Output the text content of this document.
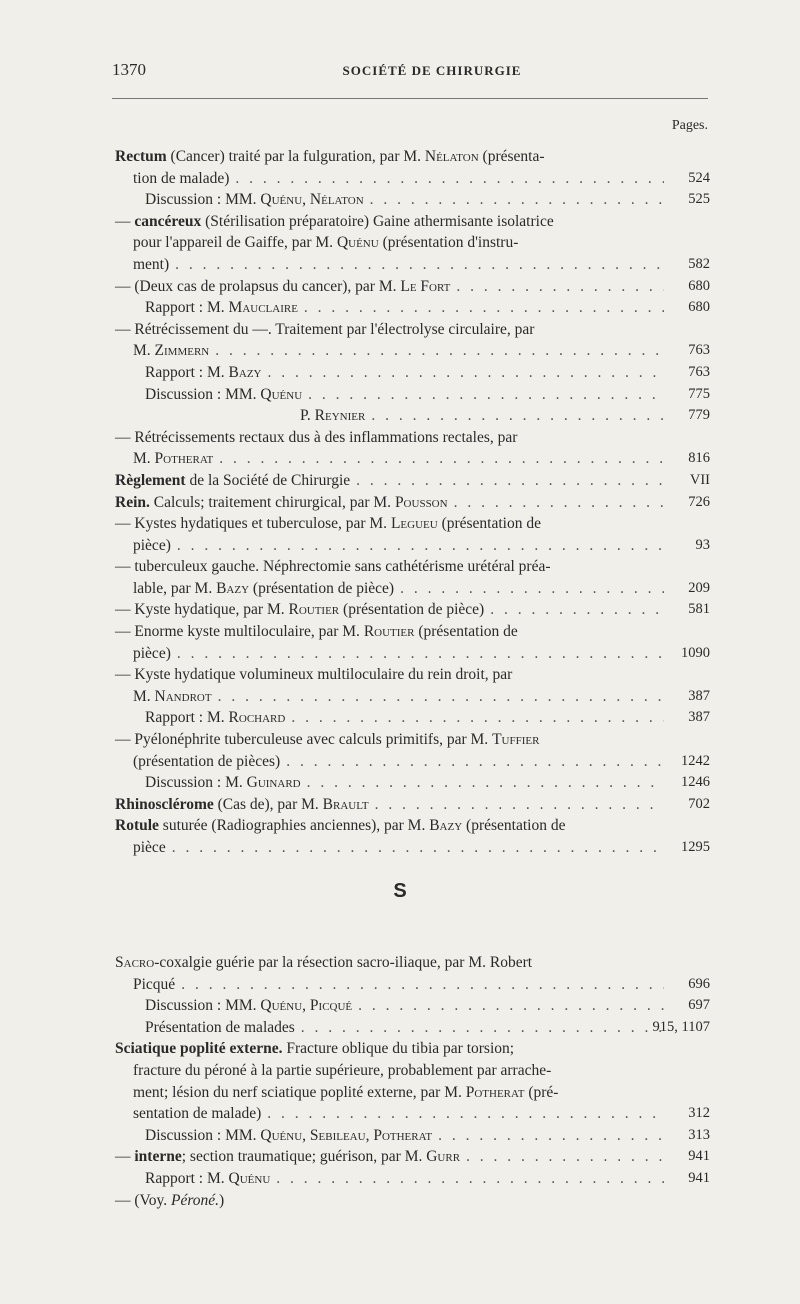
1370	SOCIÉTÉ DE CHIRURGIE
Pages.
Rectum (Cancer) traité par la fulguration, par M. Nélaton (présenta-
tion de malade) . . .	524
Discussion : MM. Quénu, Nélaton . . .	525
— cancéreux (Stérilisation préparatoire) Gaine athermisante isolatrice
pour l'appareil de Gaiffe, par M. Quénu (présentation d'instru-
ment) . . .	582
— (Deux cas de prolapsus du cancer), par M. Le Fort . . .	680
Rapport : M. Mauclaire . . .	680
— Rétrécissement du —. Traitement par l'électrolyse circulaire, par
M. Zimmern . . .	763
Rapport : M. Bazy . . .	763
Discussion : MM. Quénu . . .	775
P. Reynier . . .	779
— Rétrécissements rectaux dus à des inflammations rectales, par
M. Potherat . . .	816
Règlement de la Société de Chirurgie . . .	VII
Rein. Calculs; traitement chirurgical, par M. Pousson . . .	726
— Kystes hydatiques et tuberculose, par M. Legueu (présentation de
pièce) . . .	93
— tuberculeux gauche. Néphrectomie sans cathétérisme urétéral préa-
lable, par M. Bazy (présentation de pièce) . . .	209
— Kyste hydatique, par M. Routier (présentation de pièce) . . .	581
— Enorme kyste multiloculaire, par M. Routier (présentation de
pièce) . . .	1090
— Kyste hydatique volumineux multiloculaire du rein droit, par
M. Nandrot . . .	387
Rapport : M. Rochard . . .	387
— Pyélonéphrite tuberculeuse avec calculs primitifs, par M. Tuffier
(présentation de pièces) . . .	1242
Discussion : M. Guinard . . .	1246
Rhinosclérome (Cas de), par M. Brault . . .	702
Rotule suturée (Radiographies anciennes), par M. Bazy (présentation de
pièce . . .	1295
S
Sacro-coxalgie guérie par la résection sacro-iliaque, par M. Robert
Picqué . . .	696
Discussion : MM. Quénu, Picqué . . .	697
Présentation de malades
. . .	915, 1107
Sciatique poplité externe. Fracture oblique du tibia par torsion;
fracture du péroné à la partie supérieure, probablement par arrache-
ment; lésion du nerf sciatique poplité externe, par M. Potherat (pré-
sentation de malade) . . .	312
Discussion : MM. Quénu, Sebileau, Potherat . . .	313
— interne; section traumatique; guérison, par M. Gurr . . .	941
Rapport : M. Quénu . . .	941
— (Voy. Péroné.)
